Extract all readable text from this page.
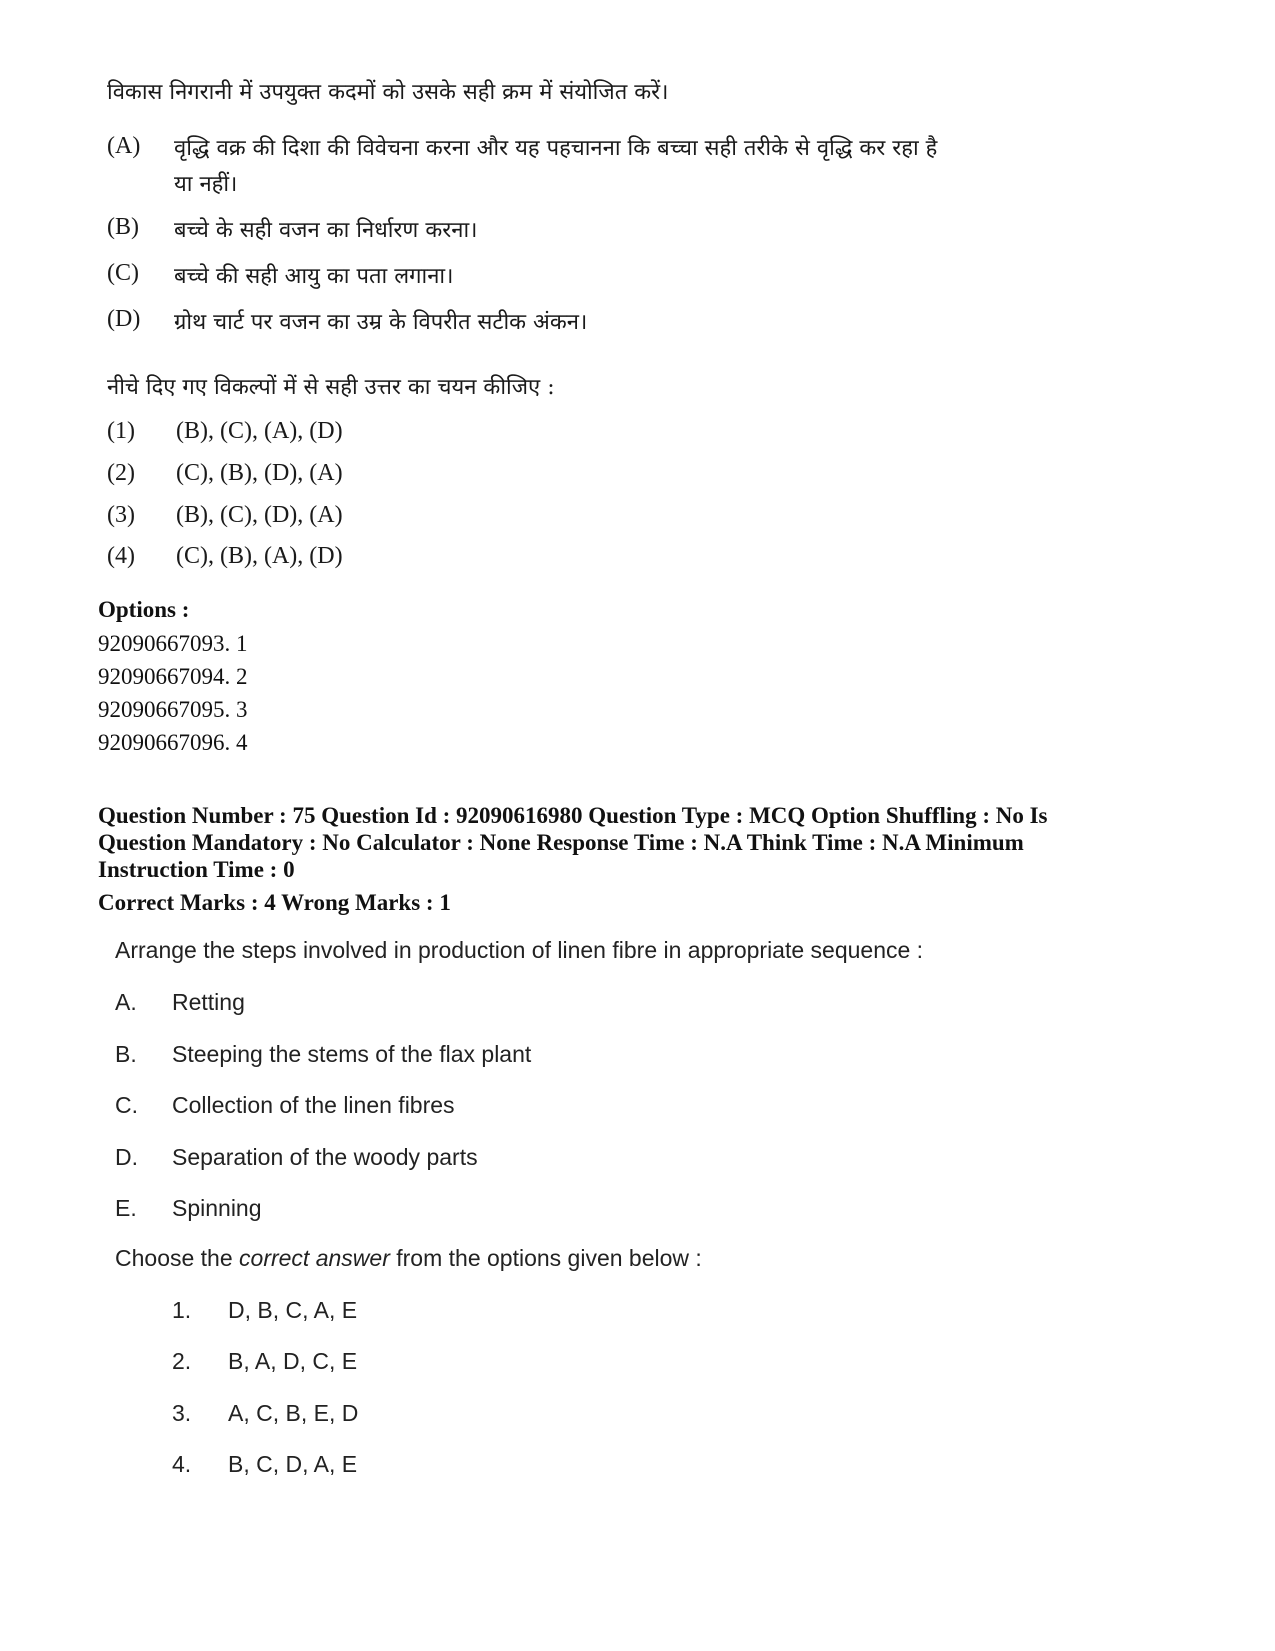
विकास निगरानी में उपयुक्त कदमों को उसके सही क्रम में संयोजित करें।
(A) वृद्धि वक्र की दिशा की विवेचना करना और यह पहचानना कि बच्चा सही तरीके से वृद्धि कर रहा है
या नहीं।
(B) बच्चे के सही वजन का निर्धारण करना।
(C) बच्चे की सही आयु का पता लगाना।
(D) ग्रोथ चार्ट पर वजन का उम्र के विपरीत सटीक अंकन।
नीचे दिए गए विकल्पों में से सही उत्तर का चयन कीजिए :
(1) (B), (C), (A), (D)
(2) (C), (B), (D), (A)
(3) (B), (C), (D), (A)
(4) (C), (B), (A), (D)
Options :
92090667093. 1
92090667094. 2
92090667095. 3
92090667096. 4
Question Number : 75 Question Id : 92090616980 Question Type : MCQ Option Shuffling : No Is
Question Mandatory : No Calculator : None Response Time : N.A Think Time : N.A Minimum
Instruction Time : 0
Correct Marks : 4 Wrong Marks : 1
Arrange the steps involved in production of linen fibre in appropriate sequence :
A. Retting
B. Steeping the stems of the flax plant
C. Collection of the linen fibres
D. Separation of the woody parts
E. Spinning
Choose the correct answer from the options given below :
1. D, B, C, A, E
2. B, A, D, C, E
3. A, C, B, E, D
4. B, C, D, A, E
